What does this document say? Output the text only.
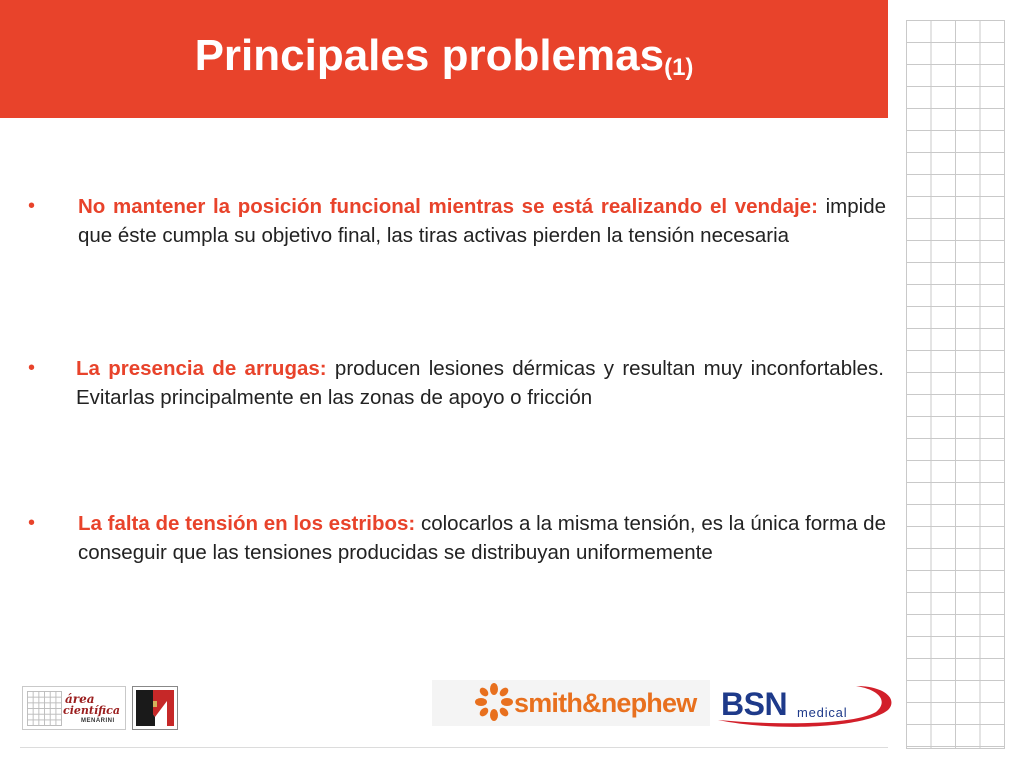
Principales problemas (1)
• No mantener la posición funcional mientras se está realizando el vendaje: impide que éste cumpla su objetivo final, las tiras activas pierden la tensión necesaria
• La presencia de arrugas: producen lesiones dérmicas y resultan muy inconfortables. Evitarlas principalmente en las zonas de apoyo o fricción
• La falta de tensión en los estribos: colocarlos a la misma tensión, es la única forma de conseguir que las tensiones producidas se distribuyan uniformemente
área
científica
MENARINI
smith&nephew BSN medical
